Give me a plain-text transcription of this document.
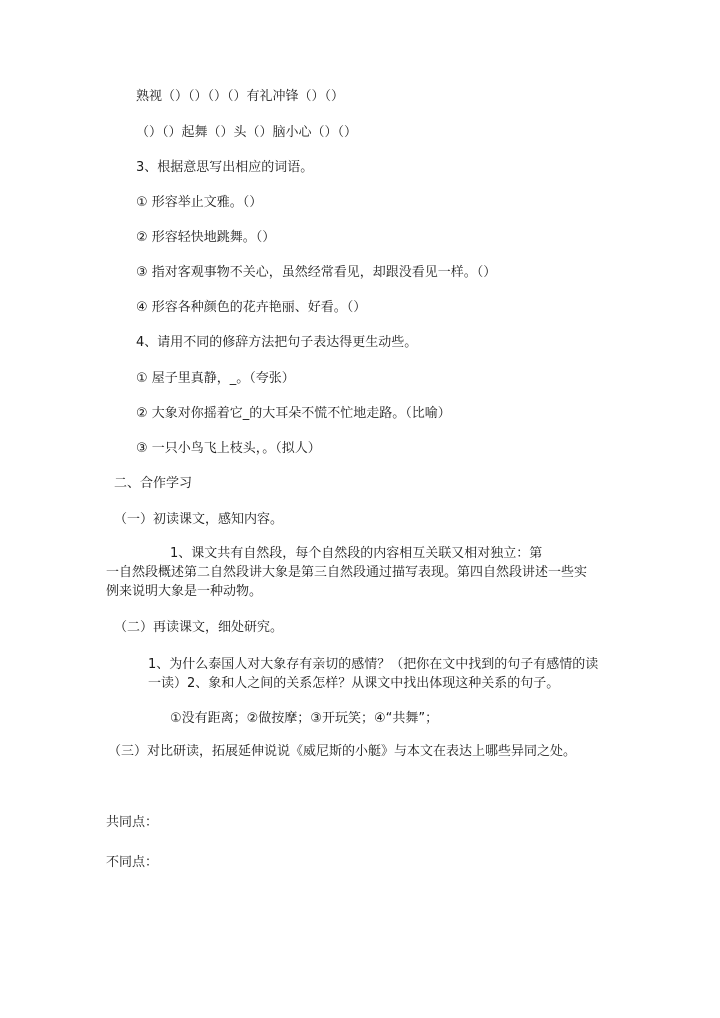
熟视（）（）（）（）有礼冲锋（）（）
（）（）起舞（）头（）脑小心（）（）
3、根据意思写出相应的词语。
① 形容举止文雅。（）
② 形容轻快地跳舞。（）
③ 指对客观事物不关心，虽然经常看见，却跟没看见一样。（）
④ 形容各种颜色的花卉艳丽、好看。（）
4、请用不同的修辞方法把句子表达得更生动些。
① 屋子里真静，_。（夸张）
② 大象对你摇着它_的大耳朵不慌不忙地走路。（比喻）
③ 一只小鸟飞上枝头，。（拟人）
二、合作学习
（一）初读课文，感知内容。
1、课文共有自然段，每个自然段的内容相互关联又相对独立：第
一自然段概述第二自然段讲大象是第三自然段通过描写表现。第四自然段讲述一些实
例来说明大象是一种动物。
（二）再读课文，细处研究。
1、为什么泰国人对大象存有亲切的感情？（把你在文中找到的句子有感情的读
一读）2、象和人之间的关系怎样？从课文中找出体现这种关系的句子。
①没有距离；②做按摩；③开玩笑；④“共舞”；
（三）对比研读，拓展延伸说说《威尼斯的小艇》与本文在表达上哪些异同之处。
共同点：
不同点：
